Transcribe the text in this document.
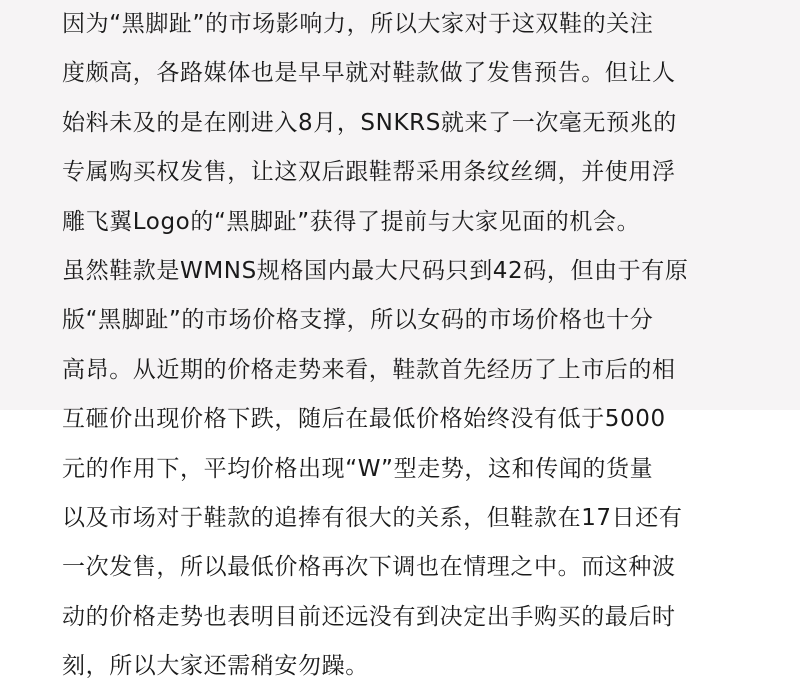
因为“黑脚趾”的市场影响力，所以大家对于这双鞋的关注
度颇高，各路媒体也是早早就对鞋款做了发售预告。但让人
始料未及的是在刚进入8月，SNKRS就来了一次毫无预兆的
专属购买权发售，让这双后跟鞋帮采用条纹丝绸，并使用浮
雕飞翼Logo的“黑脚趾”获得了提前与大家见面的机会。
虽然鞋款是WMNS规格国内最大尺码只到42码，但由于有原
版“黑脚趾”的市场价格支撑，所以女码的市场价格也十分
高昂。从近期的价格走势来看，鞋款首先经历了上市后的相
互砸价出现价格下跌，随后在最低价格始终没有低于5000
元的作用下，平均价格出现“W”型走势，这和传闻的货量
以及市场对于鞋款的追捧有很大的关系，但鞋款在17日还有
一次发售，所以最低价格再次下调也在情理之中。而这种波
动的价格走势也表明目前还远没有到决定出手购买的最后时
刻，所以大家还需稍安勿躁。
